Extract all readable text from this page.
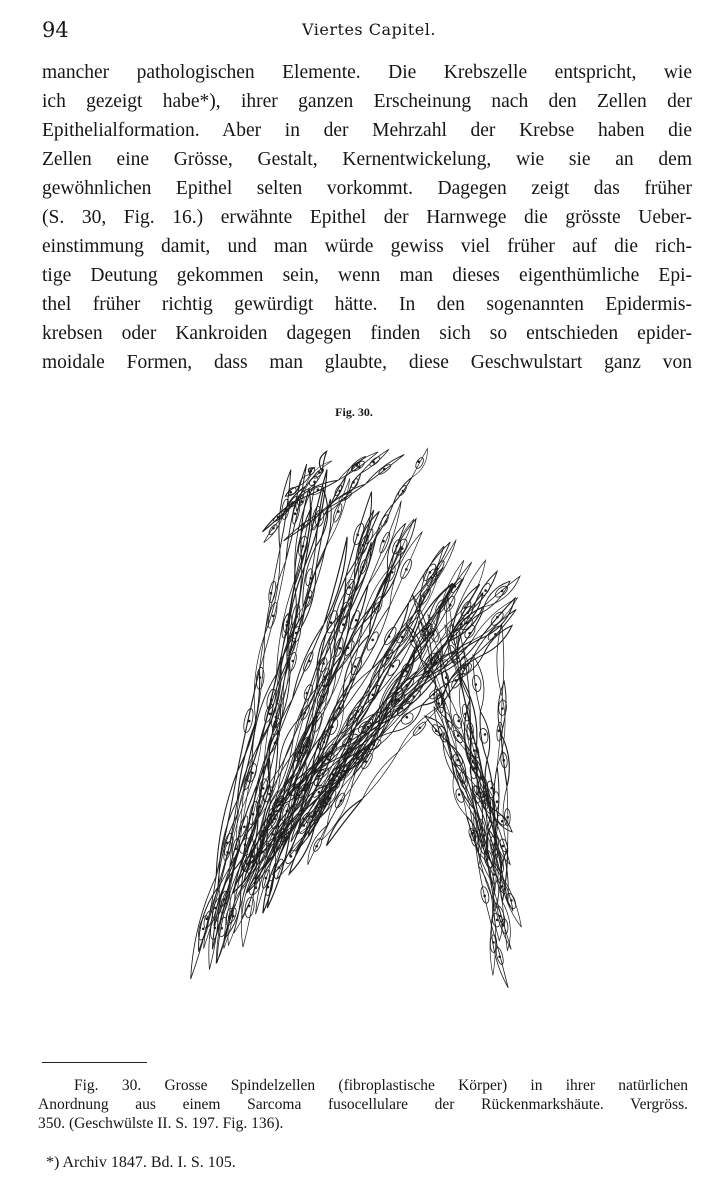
94	Viertes Capitel.
mancher pathologischen Elemente. Die Krebszelle entspricht, wie
ich gezeigt habe*), ihrer ganzen Erscheinung nach den Zellen der
Epithelialformation. Aber in der Mehrzahl der Krebse haben die
Zellen eine Grösse, Gestalt, Kernentwickelung, wie sie an dem
gewöhnlichen Epithel selten vorkommt. Dagegen zeigt das früher
(S. 30, Fig. 16.) erwähnte Epithel der Harnwege die grösste Ueber-
einstimmung damit, und man würde gewiss viel früher auf die rich-
tige Deutung gekommen sein, wenn man dieses eigenthümliche Epi-
thel früher richtig gewürdigt hätte. In den sogenannten Epidermis-
krebsen oder Kankroiden dagegen finden sich so entschieden epider-
moidale Formen, dass man glaubte, diese Geschwulstart ganz von
Fig. 30.
Fig. 30. Grosse Spindelzellen (fibroplastische Körper) in ihrer natürlichen
Anordnung aus einem Sarcoma fusocellulare der Rückenmarkshäute. Vergröss.
350. (Geschwülste II. S. 197. Fig. 136).
*) Archiv 1847. Bd. I. S. 105.
